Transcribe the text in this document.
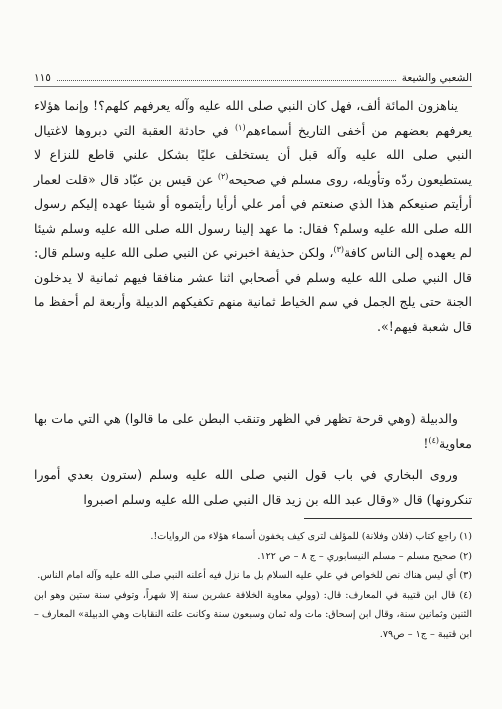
١١٥	الشعبي والشيعة

يناهزون المائة ألف، فهل كان النبي صلى الله عليه وآله يعرفهم كلهم؟! وإنما هؤلاء يعرفهم بعضهم من أخفى التاريخ أسماءهم$^{(١)}$ في حادثة العقبة التي دبروها لاغتيال النبي صلى الله عليه وآله قبل أن يستخلف عليًا بشكل علني قاطع للنزاع لا يستطيعون ردّه وتأويله، روى مسلم في صحيحه$^{(٢)}$ عن قيس بن عبّاد قال «قلت لعمار أرأيتم صنيعكم هذا الذي صنعتم في أمر علي أرأيا رأيتموه أو شيئا عهده إليكم رسول الله صلى الله عليه وسلم؟ فقال: ما عهد إلينا رسول الله صلى الله عليه وسلم شيئا لم يعهده إلى الناس كافة$^{(٣)}$، ولكن حذيفة اخبرني عن النبي صلى الله عليه وسلم قال: قال النبي صلى الله عليه وسلم في أصحابي اثنا عشر منافقا فيهم ثمانية لا يدخلون الجنة حتى يلج الجمل في سم الخياط ثمانية منهم تكفيكهم الدبيلة وأربعة لم أحفظ ما قال شعبة فيهم!».

والدبيلة (وهي قرحة تظهر في الظهر وتنقب البطن على ما قالوا) هي التي مات بها معاوية$^{(٤)}$!

وروى البخاري في باب قول النبي صلى الله عليه وسلم (سترون بعدي أمورا تنكرونها) قال «وقال عبد الله بن زيد قال النبي صلى الله عليه وسلم اصبروا

(١) راجع كتاب (فلان وفلانة) للمؤلف لترى كيف يخفون أسماء هؤلاء من الروايات!.

(٢) صحيح مسلم – مسلم النيسابوري – ج ٨ – ص ١٢٢.

(٣) أي ليس هناك نص للخواص في علي عليه السلام بل ما نزل فيه أعلنه النبي صلى الله عليه وآله امام الناس.

(٤) قال ابن قتيبة في المعارف: قال: (وولي معاوية الخلافة عشرين سنة إلا شهراً، وتوفي سنة ستين وهو ابن الثنين وثمانين سنة، وقال ابن إسحاق: مات وله ثمان وسبعون سنة وكانت علته النقابات وهي الدبيلة» المعارف – ابن قتيبة – ج١ – ص٧٩.
